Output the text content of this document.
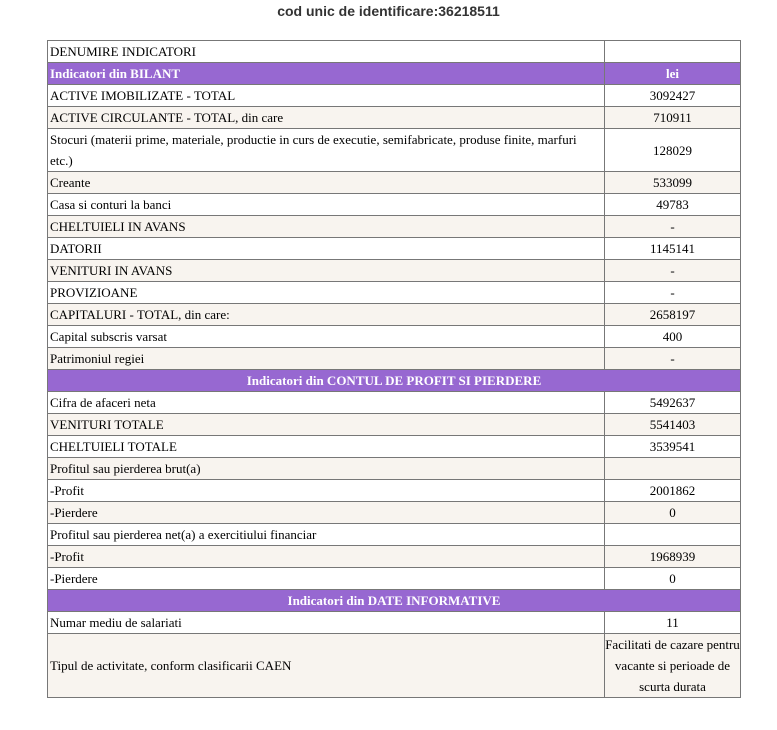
cod unic de identificare:36218511
DENUMIRE INDICATORI	
Indicatori din BILANT	lei
ACTIVE IMOBILIZATE - TOTAL	3092427
ACTIVE CIRCULANTE - TOTAL, din care	710911
Stocuri (materii prime, materiale, productie in curs de executie, semifabricate, produse finite, marfuri etc.)	128029
Creante	533099
Casa si conturi la banci	49783
CHELTUIELI IN AVANS	-
DATORII	1145141
VENITURI IN AVANS	-
PROVIZIOANE	-
CAPITALURI - TOTAL, din care:	2658197
Capital subscris varsat	400
Patrimoniul regiei	-
Indicatori din CONTUL DE PROFIT SI PIERDERE	
Cifra de afaceri neta	5492637
VENITURI TOTALE	5541403
CHELTUIELI TOTALE	3539541
Profitul sau pierderea brut(a)	
-Profit	2001862
-Pierdere	0
Profitul sau pierderea net(a) a exercitiului financiar	
-Profit	1968939
-Pierdere	0
Indicatori din DATE INFORMATIVE	
Numar mediu de salariati	11
Tipul de activitate, conform clasificarii CAEN	Facilitati de cazare pentru vacante si perioade de scurta durata
